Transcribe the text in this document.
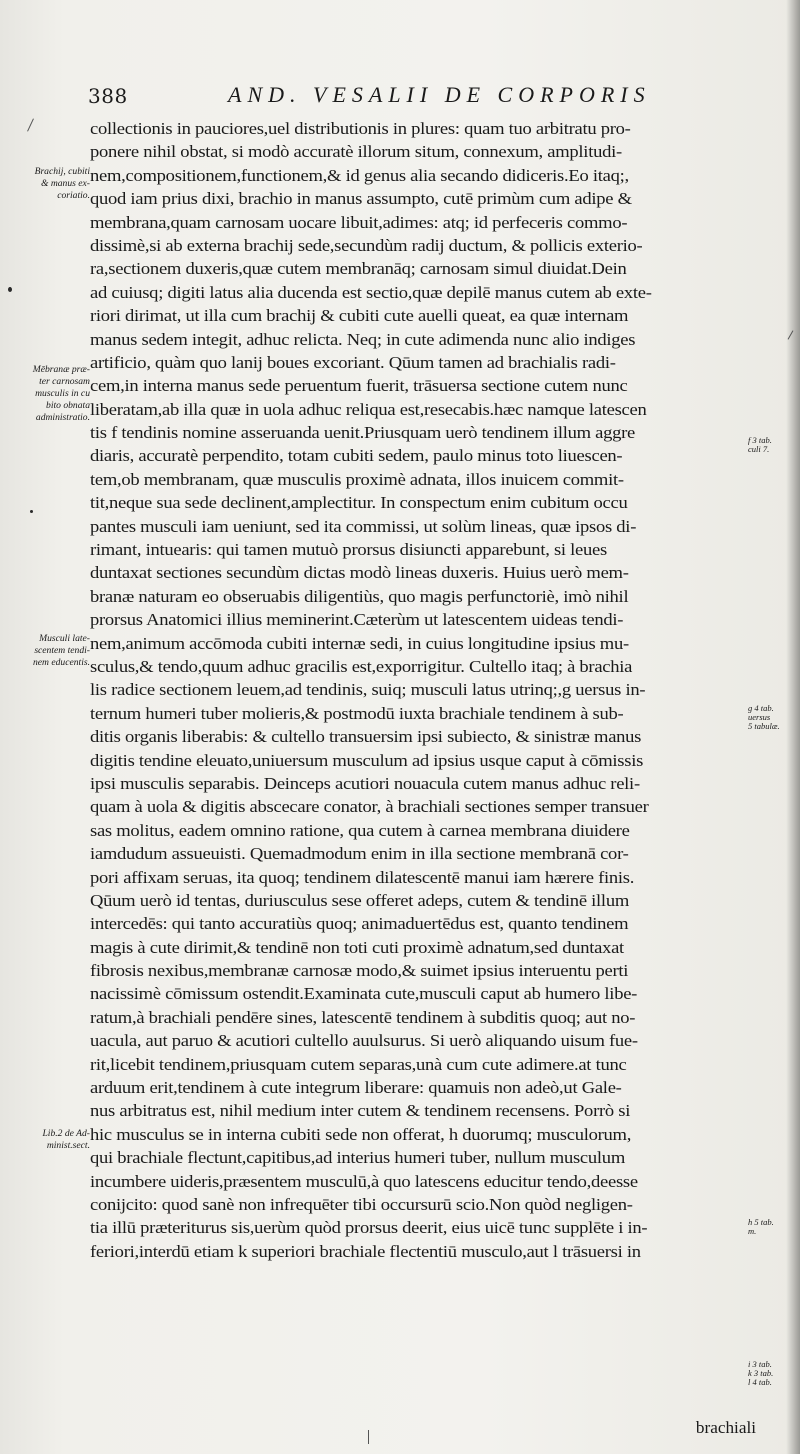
388	AND. VESALII DE CORPORIS
collectionis in pauciores,uel distributionis in plures: quam tuo arbitratu pro-
ponere nihil obstat, si modò accuratè illorum situm, connexum, amplitudi-
nem,compositionem,functionem,& id genus alia secando didiceris.Eo itaq;,
quod iam prius dixi, brachio in manus assumpto, cutē primùm cum adipe &
membrana,quam carnosam uocare libuit,adimes: atq; id perfeceris commo-
dissimè,si ab externa brachij sede,secundùm radij ductum, & pollicis exterio-
ra,sectionem duxeris,quæ cutem membranāq; carnosam simul diuidat.Dein
ad cuiusq; digiti latus alia ducenda est sectio,quæ depilē manus cutem ab exte-
riori dirimat, ut illa cum brachij & cubiti cute auelli queat, ea quæ internam
manus sedem integit, adhuc relicta. Neq; in cute adimenda nunc alio indiges
artificio, quàm quo lanij boues excoriant. Qūum tamen ad brachialis radi-
cem,in interna manus sede peruentum fuerit, trāsuersa sectione cutem nunc
liberatam,ab illa quæ in uola adhuc reliqua est,resecabis.hæc namque latescen
tis f tendinis nomine asseruanda uenit.Priusquam uerò tendinem illum aggre
diaris, accuratè perpendito, totam cubiti sedem, paulo minus toto liuescen-
tem,ob membranam, quæ musculis proximè adnata, illos inuicem commit-
tit,neque sua sede declinent,amplectitur. In conspectum enim cubitum occu
pantes musculi iam ueniunt, sed ita commissi, ut solùm lineas, quæ ipsos di-
rimant, intuearis: qui tamen mutuò prorsus disiuncti apparebunt, si leues
duntaxat sectiones secundùm dictas modò lineas duxeris. Huius uerò mem-
branæ naturam eo obseruabis diligentiùs, quo magis perfunctoriè, imò nihil
prorsus Anatomici illius meminerint.Cæterùm ut latescentem uideas tendi-
nem,animum accōmoda cubiti internæ sedi, in cuius longitudine ipsius mu-
sculus,& tendo,quum adhuc gracilis est,exporrigitur. Cultello itaq; à brachia
lis radice sectionem leuem,ad tendinis, suiq; musculi latus utrinq;,g uersus in-
ternum humeri tuber molieris,& postmodū iuxta brachiale tendinem à sub-
ditis organis liberabis: & cultello transuersim ipsi subiecto, & sinistræ manus
digitis tendine eleuato,uniuersum musculum ad ipsius usque caput à cōmissis
ipsi musculis separabis. Deinceps acutiori nouacula cutem manus adhuc reli-
quam à uola & digitis abscecare conator, à brachiali sectiones semper transuer
sas molitus, eadem omnino ratione, qua cutem à carnea membrana diuidere
iamdudum assueuisti. Quemadmodum enim in illa sectione membranā cor-
pori affixam seruas, ita quoq; tendinem dilatescentē manui iam hærere finis.
Qūum uerò id tentas, duriusculus sese offeret adeps, cutem & tendinē illum
intercedēs: qui tanto accuratiùs quoq; animaduertēdus est, quanto tendinem
magis à cute dirimit,& tendinē non toti cuti proximè adnatum,sed duntaxat
fibrosis nexibus,membranæ carnosæ modo,& suimet ipsius interuentu perti
nacissimè cōmissum ostendit.Examinata cute,musculi caput ab humero libe-
ratum,à brachiali pendēre sines, latescentē tendinem à subditis quoq; aut no-
uacula, aut paruo & acutiori cultello auulsurus. Si uerò aliquando uisum fue-
rit,licebit tendinem,priusquam cutem separas,unà cum cute adimere.at tunc
arduum erit,tendinem à cute integrum liberare: quamuis non adeò,ut Gale-
nus arbitratus est, nihil medium inter cutem & tendinem recensens. Porrò si
hic musculus se in interna cubiti sede non offerat, h duorumq; musculorum,
qui brachiale flectunt,capitibus,ad interius humeri tuber, nullum musculum
incumbere uideris,præsentem musculū,à quo latescens educitur tendo,deesse
conijcito: quod sanè non infrequēter tibi occursurū scio.Non quòd negligen-
tia illū præteriturus sis,uerùm quòd prorsus deerit, eius uicē tunc supplēte i in-
feriori,interdū etiam k superiori brachiale flectentiū musculo,aut l trāsuersi in
Brachij, cubiti
& manus ex-
coriatio.
Mēbranæ præ-
ter carnosam
musculis in cu
bito obnata
administratio.
Musculi late-
scentem tendi-
nem educentis.
Lib.2 de Ad-
minist.sect.
f 3 tab.
culi 7.
g 4 tab.
uersus
5 tabulæ.
h 5 tab.
m.
i 3 tab.
k 3 tab.
l 4 tab.
brachiali
